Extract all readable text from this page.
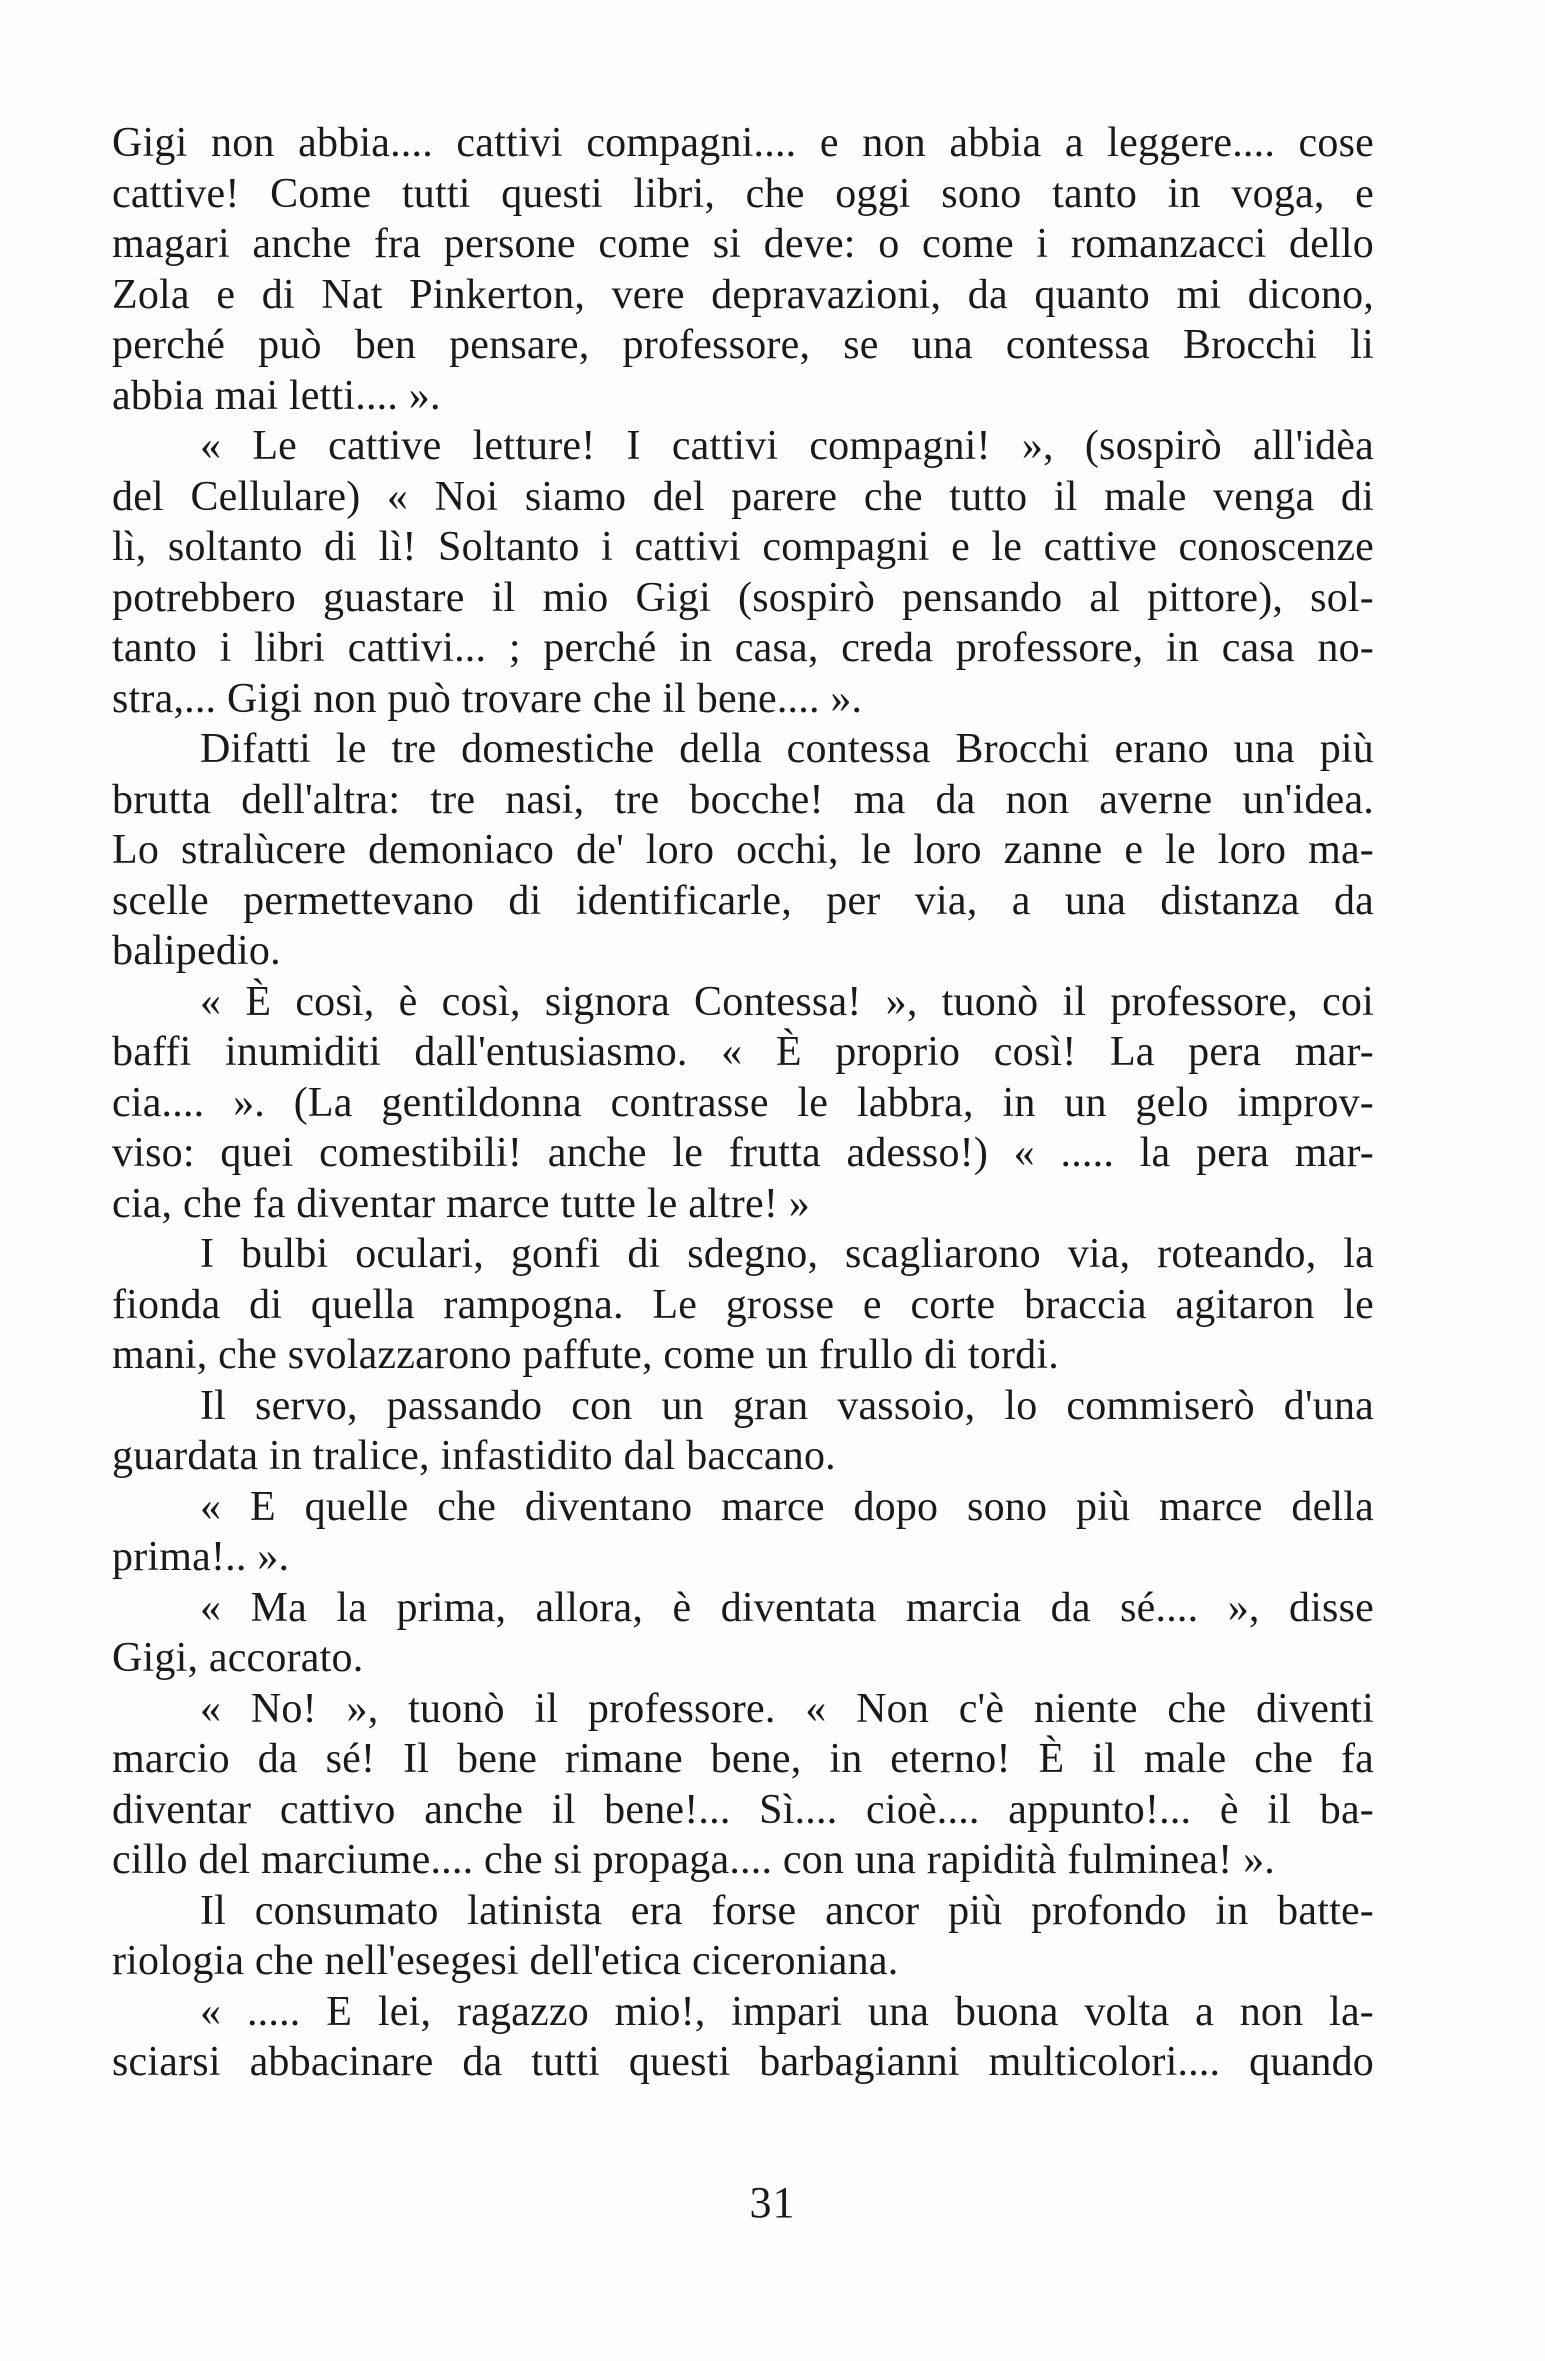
Gigi non abbia.... cattivi compagni.... e non abbia a leggere.... cose
cattive! Come tutti questi libri, che oggi sono tanto in voga, e
magari anche fra persone come si deve: o come i romanzacci dello
Zola e di Nat Pinkerton, vere depravazioni, da quanto mi dicono,
perché può ben pensare, professore, se una contessa Brocchi li
abbia mai letti.... ».
« Le cattive letture! I cattivi compagni! », (sospirò all'idèa
del Cellulare) « Noi siamo del parere che tutto il male venga di
lì, soltanto di lì! Soltanto i cattivi compagni e le cattive conoscenze
potrebbero guastare il mio Gigi (sospirò pensando al pittore), sol-
tanto i libri cattivi... ; perché in casa, creda professore, in casa no-
stra,... Gigi non può trovare che il bene.... ».
Difatti le tre domestiche della contessa Brocchi erano una più
brutta dell'altra: tre nasi, tre bocche! ma da non averne un'idea.
Lo stralùcere demoniaco de' loro occhi, le loro zanne e le loro ma-
scelle permettevano di identificarle, per via, a una distanza da
balipedio.
« È così, è così, signora Contessa! », tuonò il professore, coi
baffi inumiditi dall'entusiasmo. « È proprio così! La pera mar-
cia.... ». (La gentildonna contrasse le labbra, in un gelo improv-
viso: quei comestibili! anche le frutta adesso!) « ..... la pera mar-
cia, che fa diventar marce tutte le altre! »
I bulbi oculari, gonfi di sdegno, scagliarono via, roteando, la
fionda di quella rampogna. Le grosse e corte braccia agitaron le
mani, che svolazzarono paffute, come un frullo di tordi.
Il servo, passando con un gran vassoio, lo commiserò d'una
guardata in tralice, infastidito dal baccano.
« E quelle che diventano marce dopo sono più marce della
prima!.. ».
« Ma la prima, allora, è diventata marcia da sé.... », disse
Gigi, accorato.
« No! », tuonò il professore. « Non c'è niente che diventi
marcio da sé! Il bene rimane bene, in eterno! È il male che fa
diventar cattivo anche il bene!... Sì.... cioè.... appunto!... è il ba-
cillo del marciume.... che si propaga.... con una rapidità fulminea! ».
Il consumato latinista era forse ancor più profondo in batte-
riologia che nell'esegesi dell'etica ciceroniana.
« ..... E lei, ragazzo mio!, impari una buona volta a non la-
sciarsi abbacinare da tutti questi barbagianni multicolori.... quando
31
